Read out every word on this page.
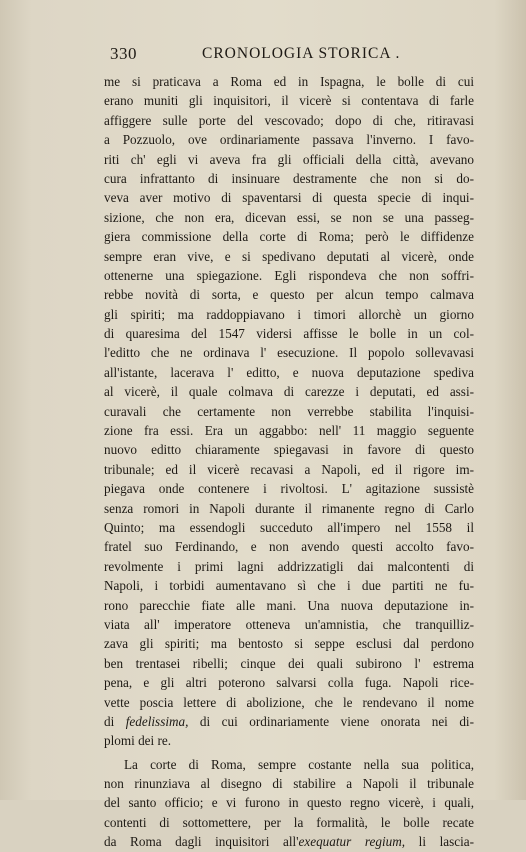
330	CRONOLOGIA STORICA .
me si praticava a Roma ed in Ispagna, le bolle di cui
erano muniti gli inquisitori, il vicerè si contentava di farle
affiggere sulle porte del vescovado; dopo di che, ritiravasi
a Pozzuolo, ove ordinariamente passava l'inverno. I favo-
riti ch' egli vi aveva fra gli officiali della città, avevano
cura infrattanto di insinuare destramente che non si do-
veva aver motivo di spaventarsi di questa specie di inqui-
sizione, che non era, dicevan essi, se non se una passeg-
giera commissione della corte di Roma; però le diffidenze
sempre eran vive, e si spedivano deputati al vicerè, onde
ottenerne una spiegazione. Egli rispondeva che non soffri-
rebbe novità di sorta, e questo per alcun tempo calmava
gli spiriti; ma raddoppiavano i timori allorchè un giorno
di quaresima del 1547 vidersi affisse le bolle in un col-
l'editto che ne ordinava l' esecuzione. Il popolo sollevavasi
all'istante, lacerava l' editto, e nuova deputazione spediva
al vicerè, il quale colmava di carezze i deputati, ed assi-
curavali che certamente non verrebbe stabilita l'inquisi-
zione fra essi. Era un aggabbo: nell' 11 maggio seguente
nuovo editto chiaramente spiegavasi in favore di questo
tribunale; ed il vicerè recavasi a Napoli, ed il rigore im-
piegava onde contenere i rivoltosi. L' agitazione sussistè
senza romori in Napoli durante il rimanente regno di Carlo
Quinto; ma essendogli succeduto all'impero nel 1558 il
fratel suo Ferdinando, e non avendo questi accolto favo-
revolmente i primi lagni addrizzatigli dai malcontenti di
Napoli, i torbidi aumentavano sì che i due partiti ne fu-
rono parecchie fiate alle mani. Una nuova deputazione in-
viata all' imperatore otteneva un'amnistia, che tranquilliz-
zava gli spiriti; ma bentosto si seppe esclusi dal perdono
ben trentasei ribelli; cinque dei quali subirono l' estrema
pena, e gli altri poterono salvarsi colla fuga. Napoli rice-
vette poscia lettere di abolizione, che le rendevano il nome
di fedelissima, di cui ordinariamente viene onorata nei di-
plomi dei re.
La corte di Roma, sempre costante nella sua politica,
non rinunziava al disegno di stabilire a Napoli il tribunale
del santo officio; e vi furono in questo regno vicerè, i quali,
contenti di sottomettere, per la formalità, le bolle recate
da Roma dagli inquisitori all'exequatur regium, li lascia-
